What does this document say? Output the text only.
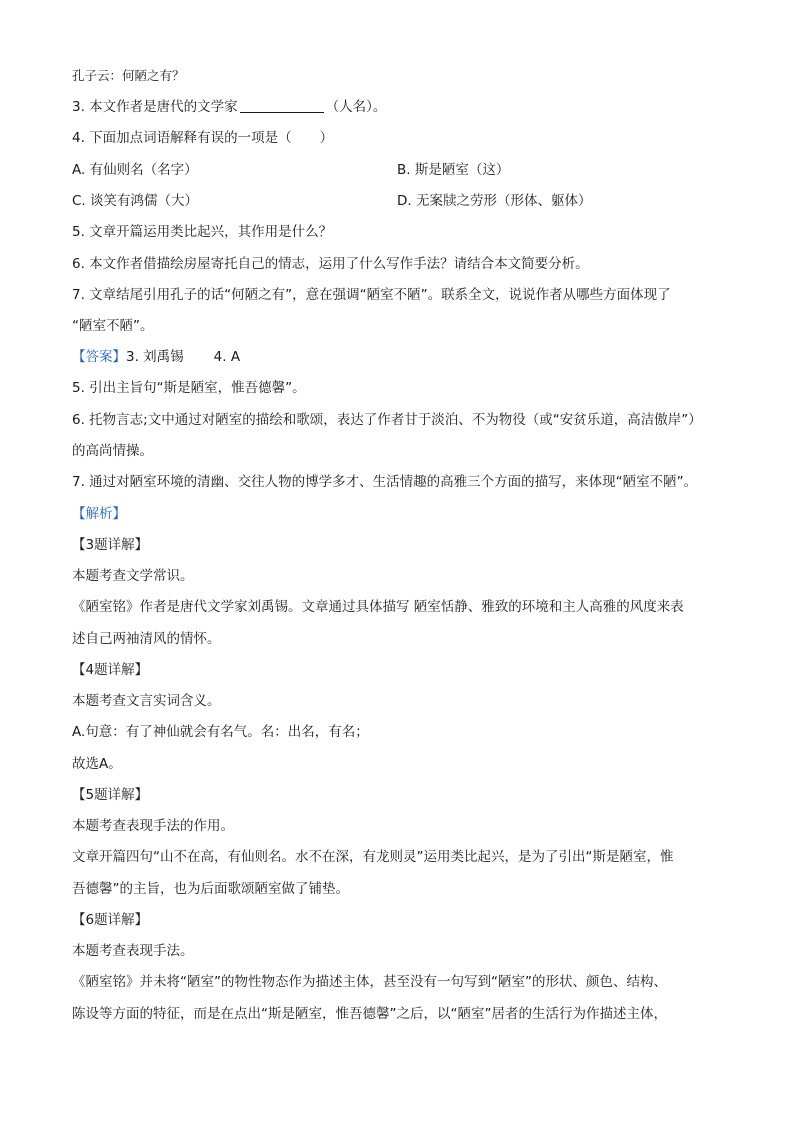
孔子云：何陋之有？
3. 本文作者是唐代的文学家	（人名）。
4. 下面加点词语解释有误的一项是（ ）
A. 有仙则名（名字）	B. 斯是陋室（这）
C. 谈笑有鸿儒（大）	D. 无案牍之劳形（形体、躯体）
5. 文章开篇运用类比起兴，其作用是什么？
6. 本文作者借描绘房屋寄托自己的情志，运用了什么写作手法？请结合本文简要分析。
7. 文章结尾引用孔子的话“何陋之有”，意在强调“陋室不陋”。联系全文，说说作者从哪些方面体现了
“陋室不陋”。
【答案】3. 刘禹锡 4. A
5. 引出主旨句“斯是陋室，惟吾德馨”。
6. 托物言志;文中通过对陋室的描绘和歌颂，表达了作者甘于淡泊、不为物役（或“安贫乐道，高洁傲岸”）
的高尚情操。
7. 通过对陋室环境的清幽、交往人物的博学多才、生活情趣的高雅三个方面的描写，来体现“陋室不陋”。
【解析】
【3题详解】
本题考查文学常识。
《陋室铭》作者是唐代文学家刘禹锡。文章通过具体描写 陋室恬静、雅致的环境和主人高雅的风度来表
述自己两袖清风的情怀。
【4题详解】
本题考查文言实词含义。
A.句意：有了神仙就会有名气。名：出名，有名；
故选A。
【5题详解】
本题考查表现手法的作用。
文章开篇四句“山不在高，有仙则名。水不在深，有龙则灵”运用类比起兴，是为了引出“斯是陋室，惟
吾德馨”的主旨，也为后面歌颂陋室做了铺垫。
【6题详解】
本题考查表现手法。
《陋室铭》并未将“陋室”的物性物态作为描述主体，甚至没有一句写到“陋室”的形状、颜色、结构、
陈设等方面的特征，而是在点出“斯是陋室，惟吾德馨”之后，以“陋室”居者的生活行为作描述主体，
